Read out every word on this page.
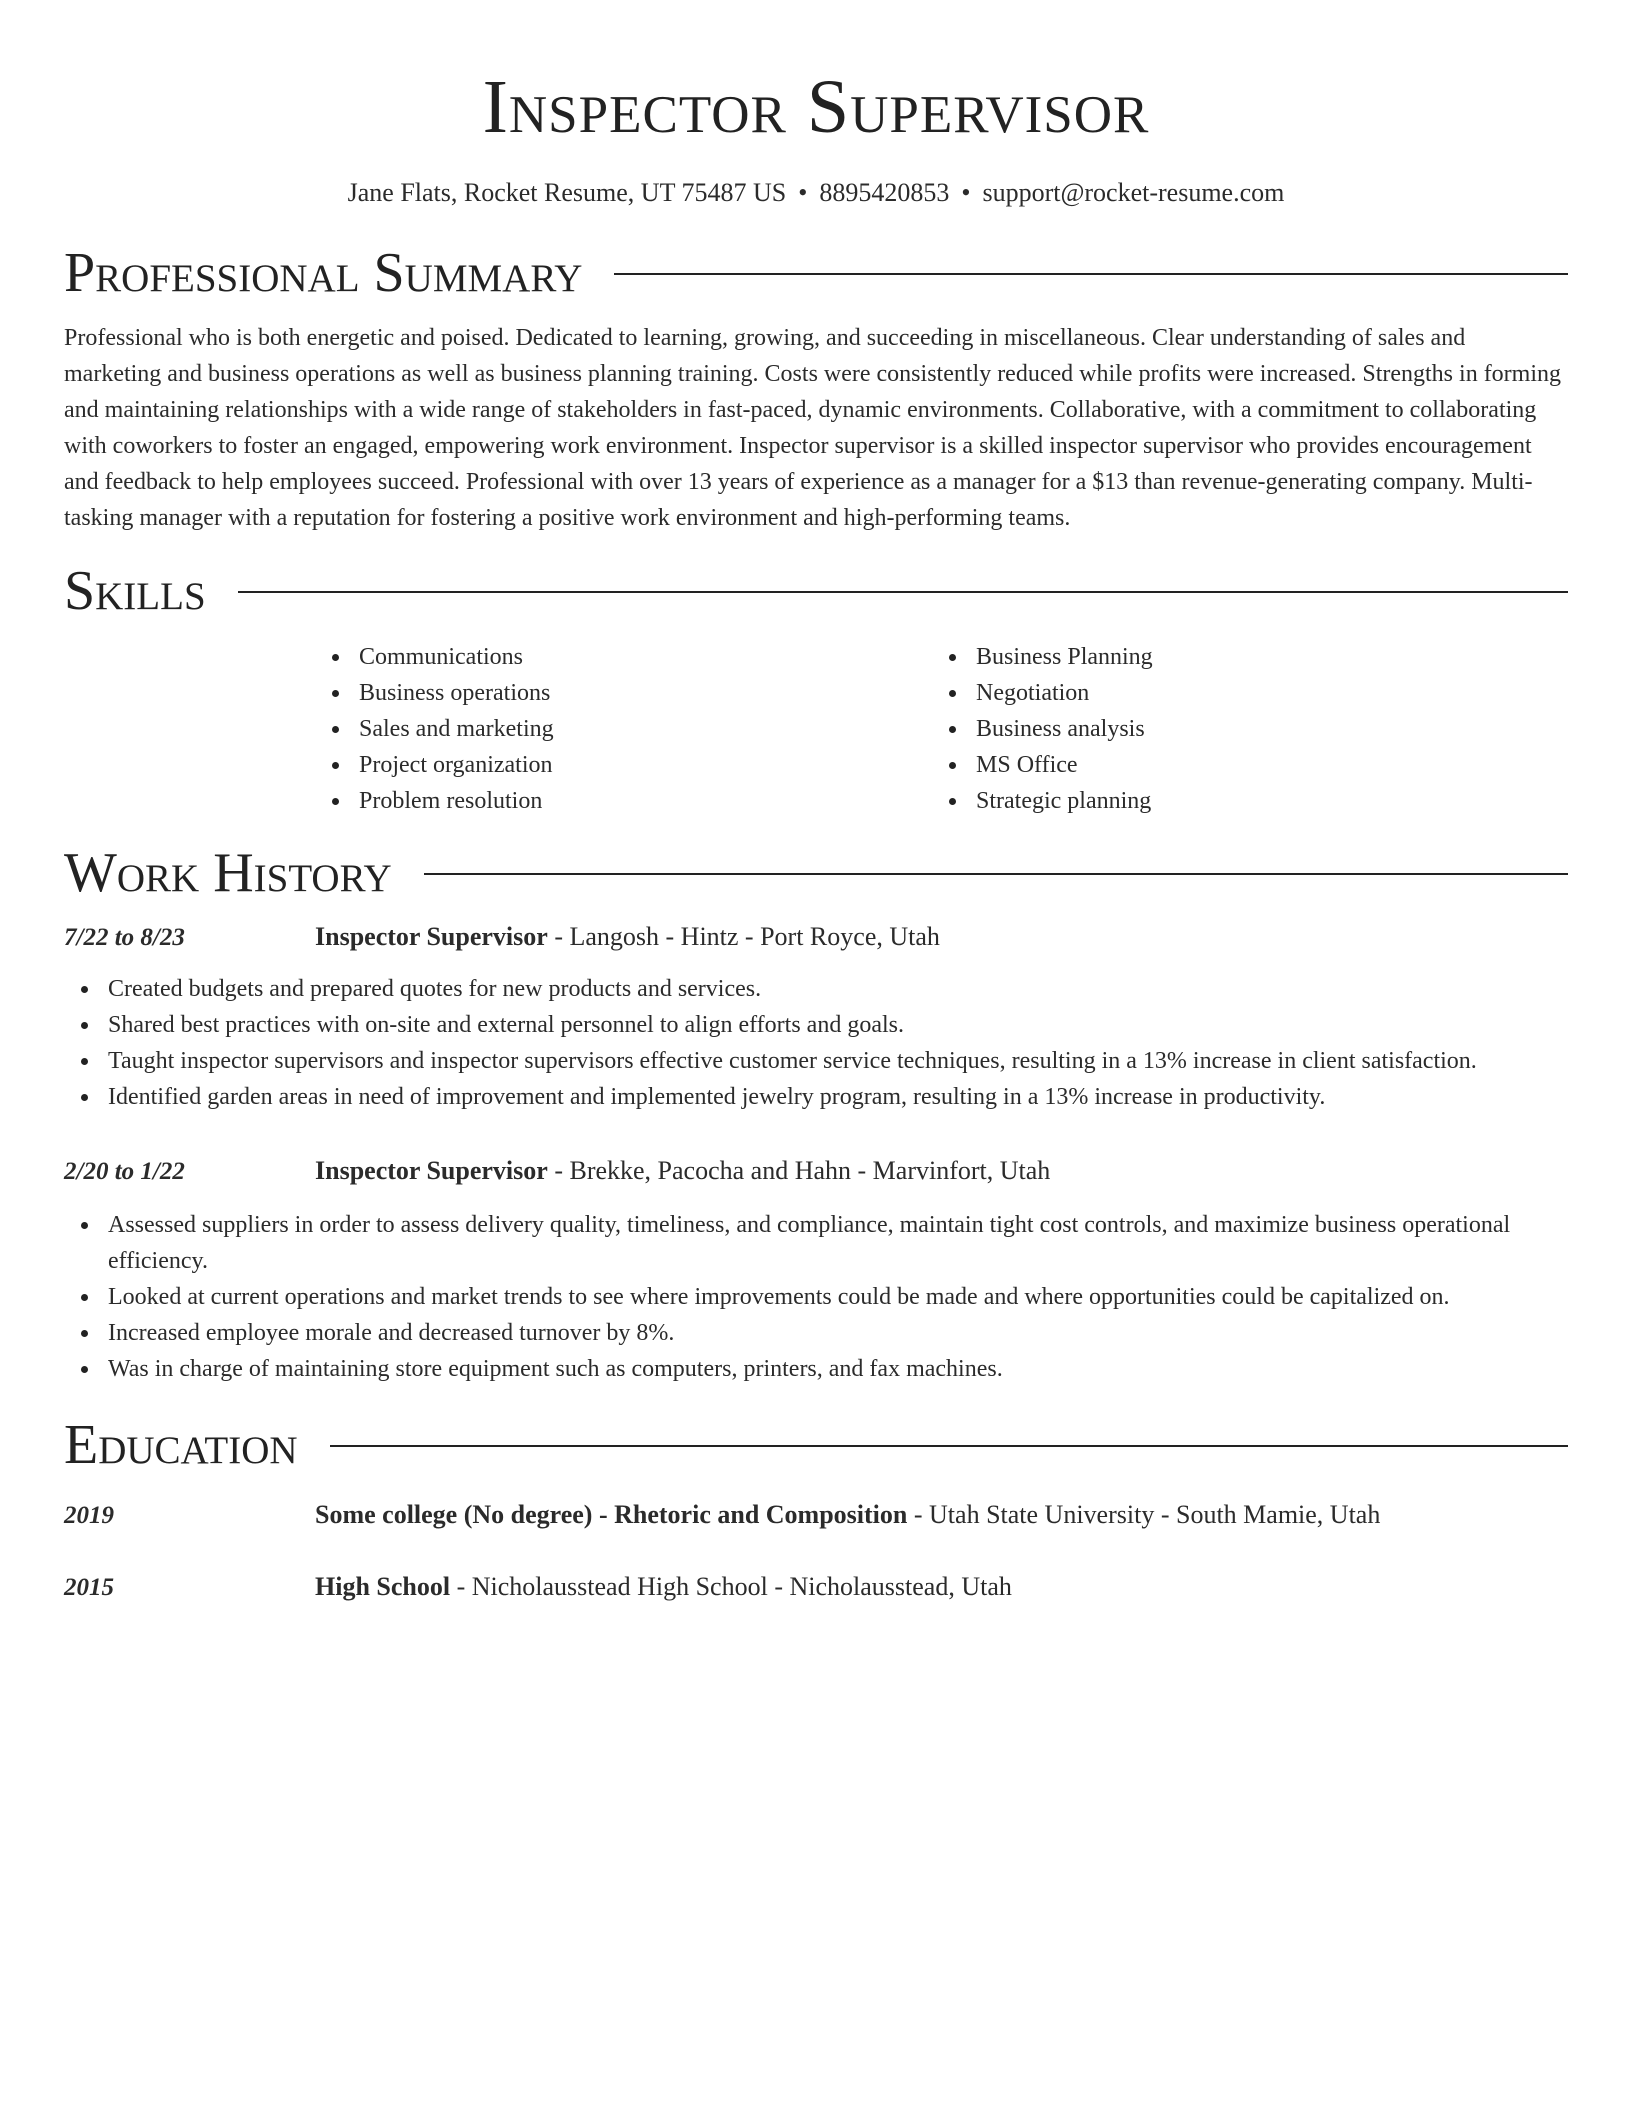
Inspector Supervisor
Jane Flats, Rocket Resume, UT 75487 US • 8895420853 • support@rocket-resume.com
Professional Summary

Professional who is both energetic and poised. Dedicated to learning, growing, and succeeding in miscellaneous. Clear understanding of sales and marketing and business operations as well as business planning training. Costs were consistently reduced while profits were increased. Strengths in forming and maintaining relationships with a wide range of stakeholders in fast-paced, dynamic environments. Collaborative, with a commitment to collaborating with coworkers to foster an engaged, empowering work environment. Inspector supervisor is a skilled inspector supervisor who provides encouragement and feedback to help employees succeed. Professional with over 13 years of experience as a manager for a $13 than revenue-generating company. Multi-tasking manager with a reputation for fostering a positive work environment and high-performing teams.

Skills
Communications
Business operations
Sales and marketing
Project organization
Problem resolution
Business Planning
Negotiation
Business analysis
MS Office
Strategic planning
Work History
7/22 to 8/23	Inspector Supervisor - Langosh - Hintz - Port Royce, Utah
Created budgets and prepared quotes for new products and services.
Shared best practices with on-site and external personnel to align efforts and goals.
Taught inspector supervisors and inspector supervisors effective customer service techniques, resulting in a 13% increase in client satisfaction.
Identified garden areas in need of improvement and implemented jewelry program, resulting in a 13% increase in productivity.
2/20 to 1/22	Inspector Supervisor - Brekke, Pacocha and Hahn - Marvinfort, Utah
Assessed suppliers in order to assess delivery quality, timeliness, and compliance, maintain tight cost controls, and maximize business operational efficiency.
Looked at current operations and market trends to see where improvements could be made and where opportunities could be capitalized on.
Increased employee morale and decreased turnover by 8%.
Was in charge of maintaining store equipment such as computers, printers, and fax machines.
Education
2019	Some college (No degree) - Rhetoric and Composition - Utah State University - South Mamie, Utah
2015	High School - Nicholausstead High School - Nicholausstead, Utah
